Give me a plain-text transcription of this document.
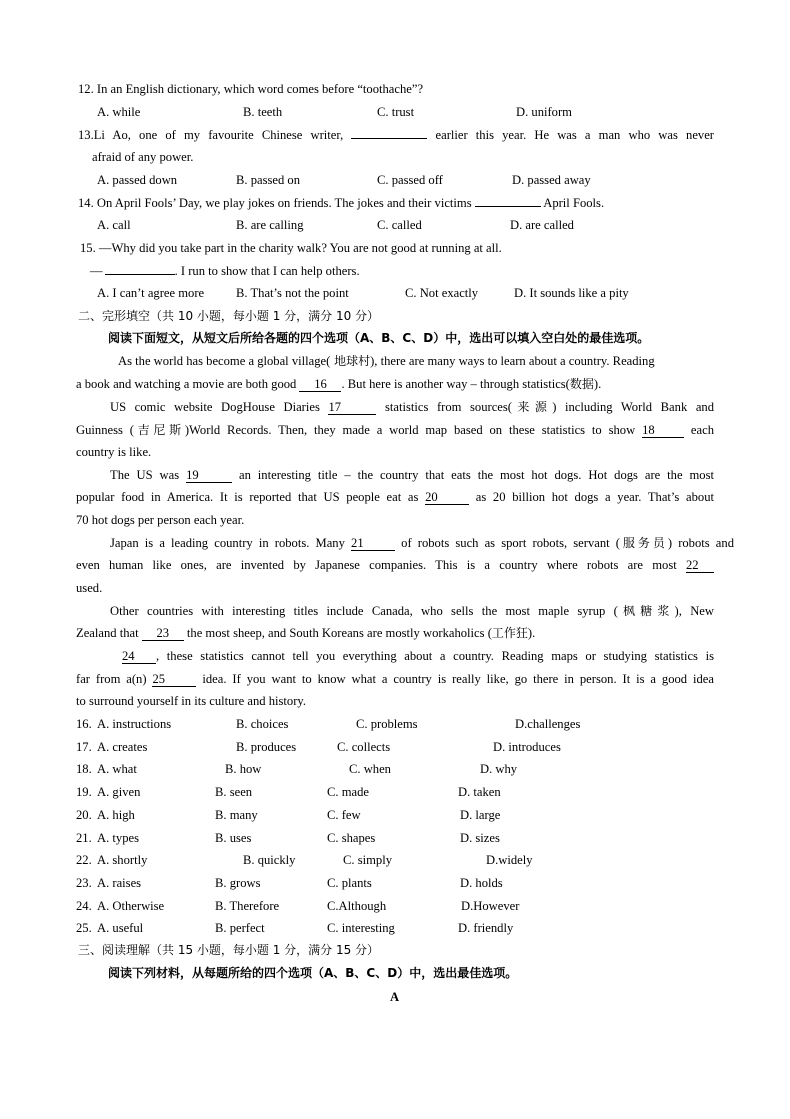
12. In an English dictionary, which word comes before “toothache”?
A. while	B. teeth	C. trust	D. uniform
13.Li Ao, one of my favourite Chinese writer,	earlier this year. He was a man who was never
afraid of any power.
A. passed down	B. passed on	C. passed off	D. passed away
14. On April Fools’ Day, we play jokes on friends. The jokes and their victims	April Fools.
A. call	B. are calling	C. called	D. are called
15. —Why did you take part in the charity walk? You are not good at running at all.
—	. I run to show that I can help others.
A. I can’t agree more	B. That’s not the point	C. Not exactly	D. It sounds like a pity
二、完形填空（共 10 小题，每小题 1 分，满分 10 分）
阅读下面短文，从短文后所给各题的四个选项（A、B、C、D）中，选出可以填入空白处的最佳选项。
As the world has become a global village( 地球村), there are many ways to learn about a country. Reading
a book and watching a movie are both good 16 . But here is another way – through statistics(数据).
US comic website DogHouse Diaries 17	statistics from sources(来源) including World Bank and
Guinness (吉尼斯)World Records. Then, they made a world map based on these statistics to show 18 each
country is like.
The US was 19	an interesting title – the country that eats the most hot dogs. Hot dogs are the most
popular food in America. It is reported that US people eat as 20 as 20 billion hot dogs a year. That’s about
70 hot dogs per person each year.
Japan is a leading country in robots. Many 21 of robots such as sport robots, servant (服务员) robots and
even human like ones, are invented by Japanese companies. This is a country where robots are most 22
used.
Other countries with interesting titles include Canada, who sells the most maple syrup (枫糖浆), New
Zealand that 23 the most sheep, and South Koreans are mostly workaholics (工作狂).
24 , these statistics cannot tell you everything about a country. Reading maps or studying statistics is
far from a(n) 25 idea. If you want to know what a country is really like, go there in person. It is a good idea
to surround yourself in its culture and history.
16. A. instructions	B. choices	C. problems	D.challenges
17. A. creates	B. produces	C. collects	D. introduces
18. A. what	B. how	C. when	D. why
19. A. given	B. seen	C. made	D. taken
20. A. high	B. many	C. few	D. large
21. A. types	B. uses	C. shapes	D. sizes
22. A. shortly	B. quickly	C. simply	D.widely
23. A. raises	B. grows	C. plants	D. holds
24. A. Otherwise	B. Therefore	C.Although	D.However
25. A. useful	B. perfect	C. interesting	D. friendly
三、阅读理解（共 15 小题，每小题 1 分，满分 15 分）
阅读下列材料，从每题所给的四个选项（A、B、C、D）中，选出最佳选项。
A
